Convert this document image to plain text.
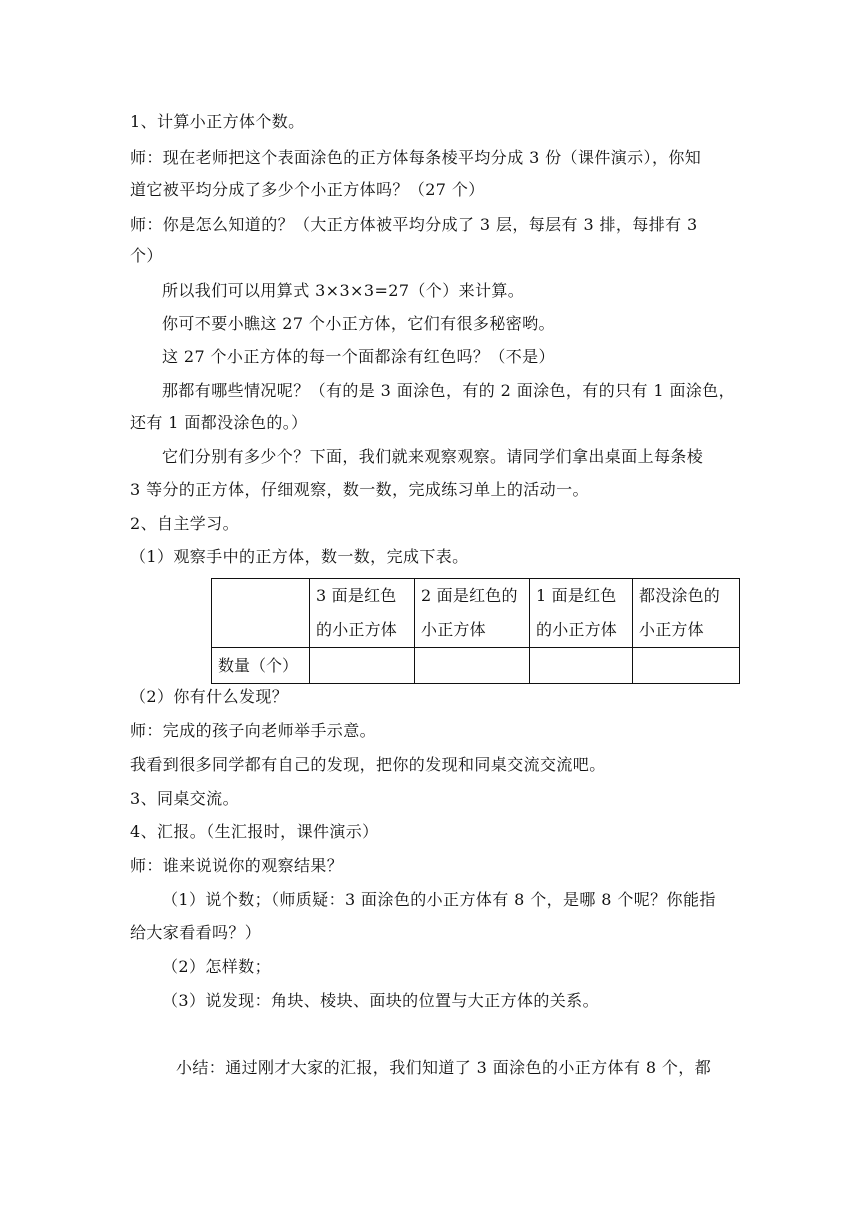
1、计算小正方体个数。
师：现在老师把这个表面涂色的正方体每条棱平均分成 3 份（课件演示），你知
道它被平均分成了多少个小正方体吗？（27 个）
师：你是怎么知道的？（大正方体被平均分成了 3 层，每层有 3 排，每排有 3
个）
所以我们可以用算式 3×3×3=27（个）来计算。
你可不要小瞧这 27 个小正方体，它们有很多秘密哟。
这 27 个小正方体的每一个面都涂有红色吗？（不是）
那都有哪些情况呢？（有的是 3 面涂色，有的 2 面涂色，有的只有 1 面涂色，
还有 1 面都没涂色的。）
它们分别有多少个？下面，我们就来观察观察。请同学们拿出桌面上每条棱
3 等分的正方体，仔细观察，数一数，完成练习单上的活动一。
2、自主学习。
（1）观察手中的正方体，数一数，完成下表。
	3 面是红色的小正方体	2 面是红色的小正方体	1 面是红色的小正方体	都没涂色的小正方体
数量（个）				
（2）你有什么发现？
师：完成的孩子向老师举手示意。
我看到很多同学都有自己的发现，把你的发现和同桌交流交流吧。
3、同桌交流。
4、汇报。（生汇报时，课件演示）
师：谁来说说你的观察结果？
（1）说个数；（师质疑：3 面涂色的小正方体有 8 个，是哪 8 个呢？你能指
给大家看看吗？）
（2）怎样数；
（3）说发现：角块、棱块、面块的位置与大正方体的关系。
小结：通过刚才大家的汇报，我们知道了 3 面涂色的小正方体有 8 个，都
